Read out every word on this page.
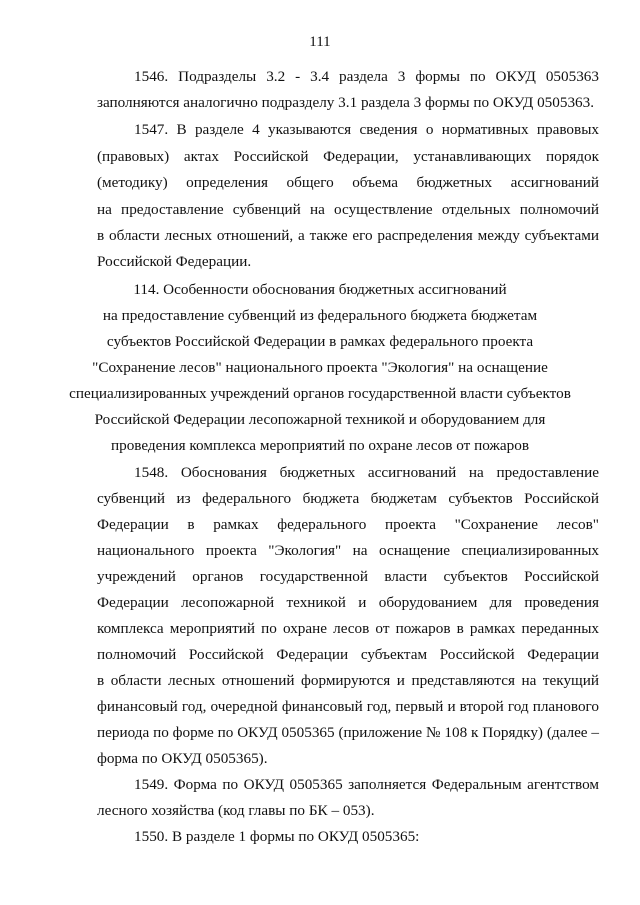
111
1546. Подразделы 3.2 - 3.4 раздела 3 формы по ОКУД 0505363
заполняются аналогично подразделу 3.1 раздела 3 формы по ОКУД 0505363.
1547. В разделе 4 указываются сведения о нормативных правовых
(правовых) актах Российской Федерации, устанавливающих порядок
(методику) определения общего объема бюджетных ассигнований
на предоставление субвенций на осуществление отдельных полномочий
в области лесных отношений, а также его распределения между субъектами
Российской Федерации.
114. Особенности обоснования бюджетных ассигнований
на предоставление субвенций из федерального бюджета бюджетам
субъектов Российской Федерации в рамках федерального проекта
"Сохранение лесов" национального проекта "Экология" на оснащение
специализированных учреждений органов государственной власти субъектов
Российской Федерации лесопожарной техникой и оборудованием для
проведения комплекса мероприятий по охране лесов от пожаров
1548. Обоснования бюджетных ассигнований на предоставление
субвенций из федерального бюджета бюджетам субъектов Российской
Федерации в рамках федерального проекта "Сохранение лесов"
национального проекта "Экология" на оснащение специализированных
учреждений органов государственной власти субъектов Российской
Федерации лесопожарной техникой и оборудованием для проведения
комплекса мероприятий по охране лесов от пожаров в рамках переданных
полномочий Российской Федерации субъектам Российской Федерации
в области лесных отношений формируются и представляются на текущий
финансовый год, очередной финансовый год, первый и второй год планового
периода по форме по ОКУД 0505365 (приложение № 108 к Порядку) (далее –
форма по ОКУД 0505365).
1549. Форма по ОКУД 0505365 заполняется Федеральным агентством
лесного хозяйства (код главы по БК – 053).
1550. В разделе 1 формы по ОКУД 0505365:
